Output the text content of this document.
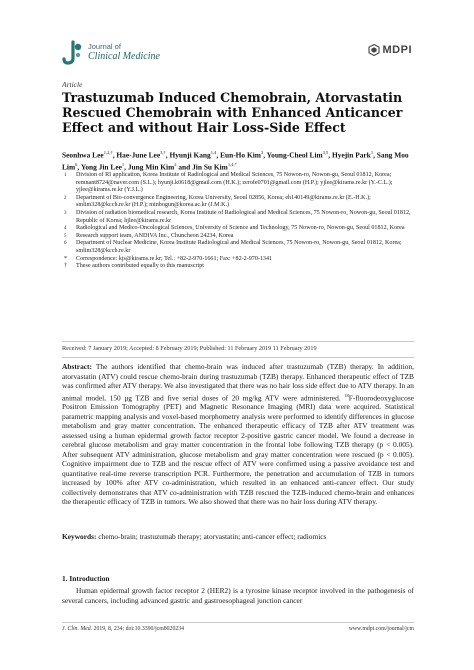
Journal of
Clinical Medicine
MDPI
Article
Trastuzumab Induced Chemobrain, Atorvastatin Rescued Chemobrain with Enhanced Anticancer Effect and without Hair Loss-Side Effect
Seonhwa Lee$^{1,2,\dagger}$, Hae-June Lee$^{3,\dagger}$, Hyunji Kang$^{1,4}$, Eun-Ho Kim$^3$, Young-Cheol Lim$^{3,5}$, Hyejin Park$^1$, Sang Moo Lim$^6$, Yong Jin Lee$^1$, Jung Min Kim$^2$ and Jin Su Kim$^{1,4,*}$
1 Division of RI application, Korea Institute of Radiological and Medical Sciences, 75 Nowon-ro, Nowon-gu, Seoul 01812, Korea; remnant8724@naver.com (S.L.); hyunji.k0618@gmail.com (H.K.); zerofe0701@gmail.com (H.P.); yjlee@kirams.re.kr (Y.-C.L.); yjlee@kirams.re.kr (Y.J.L.)
2 Department of Bio-convergence Engineering, Korea University, Seoul 02856, Korea; eh140149@kirams.re.kr (E.-H.K.); smlim328@kcch.re.kr (H.P.); minbogun@korea.ac.kr (J.M.K.)
3 Division of radiation biomedical research, Korea Institute of Radiological and Medical Sciences, 75 Nowon-ro, Nowon-gu, Seoul 01812, Republic of Korea; hjlee@kirams.re.kr
4 Radiological and Medico-Oncological Sciences, University of Science and Technology, 75 Nowon-ro, Nowon-gu, Seoul 01812, Korea
5 Research support team, ANDIVA Inc., Chuncheon 24234, Korea
6 Department of Nuclear Medicine, Korea Institute Radiological and Medical Sciences, 75 Nowon-ro, Nowon-gu, Seoul 01812, Korea; smlim328@kcch.re.kr
* Correspondence: kjs@kirams.re.kr; Tel.: +82-2-970-1661; Fax: +82-2-970-1341
† These authors contributed equally to this manuscript
Received: 7 January 2019; Accepted: 8 February 2019; Published: 11 February 2019 11 February 2019
Abstract: The authors identified that chemo-brain was induced after trastuzumab (TZB) therapy. In addition, atorvastatin (ATV) could rescue chemo-brain during trastuzumab (TZB) therapy. Enhanced therapeutic effect of TZB was confirmed after ATV therapy. We also investigated that there was no hair loss side effect due to ATV therapy. In an animal model, 150 μg TZB and five serial doses of 20 mg/kg ATV were administered. $^{18}$F-fluorodeoxyglucose Positron Emission Tomography (PET) and Magnetic Resonance Imaging (MRI) data were acquired. Statistical parametric mapping analysis and voxel-based morphometry analysis were performed to identify differences in glucose metabolism and gray matter concentration. The enhanced therapeutic efficacy of TZB after ATV treatment was assessed using a human epidermal growth factor receptor 2-positive gastric cancer model. We found a decrease in cerebral glucose metabolism and gray matter concentration in the frontal lobe following TZB therapy (p < 0.005). After subsequent ATV administration, glucose metabolism and gray matter concentration were rescued (p < 0.005). Cognitive impairment due to TZB and the rescue effect of ATV were confirmed using a passive avoidance test and quantitative real-time reverse transcription PCR. Furthermore, the penetration and accumulation of TZB in tumors increased by 100% after ATV co-administration, which resulted in an enhanced anti-cancer effect. Our study collectively demonstrates that ATV co-administration with TZB rescued the TZB-induced chemo-brain and enhances the therapeutic efficacy of TZB in tumors. We also showed that there was no hair loss during ATV therapy.
Keywords: chemo-brain; trastuzumab therapy; atorvastatin; anti-cancer effect; radiomics
1. Introduction
Human epidermal growth factor receptor 2 (HER2) is a tyrosine kinase receptor involved in the pathogenesis of several cancers, including advanced gastric and gastroesophageal junction cancer
J. Clin. Med. 2019, 8, 234; doi:10.3390/jcm8020234	www.mdpi.com/journal/jcm
